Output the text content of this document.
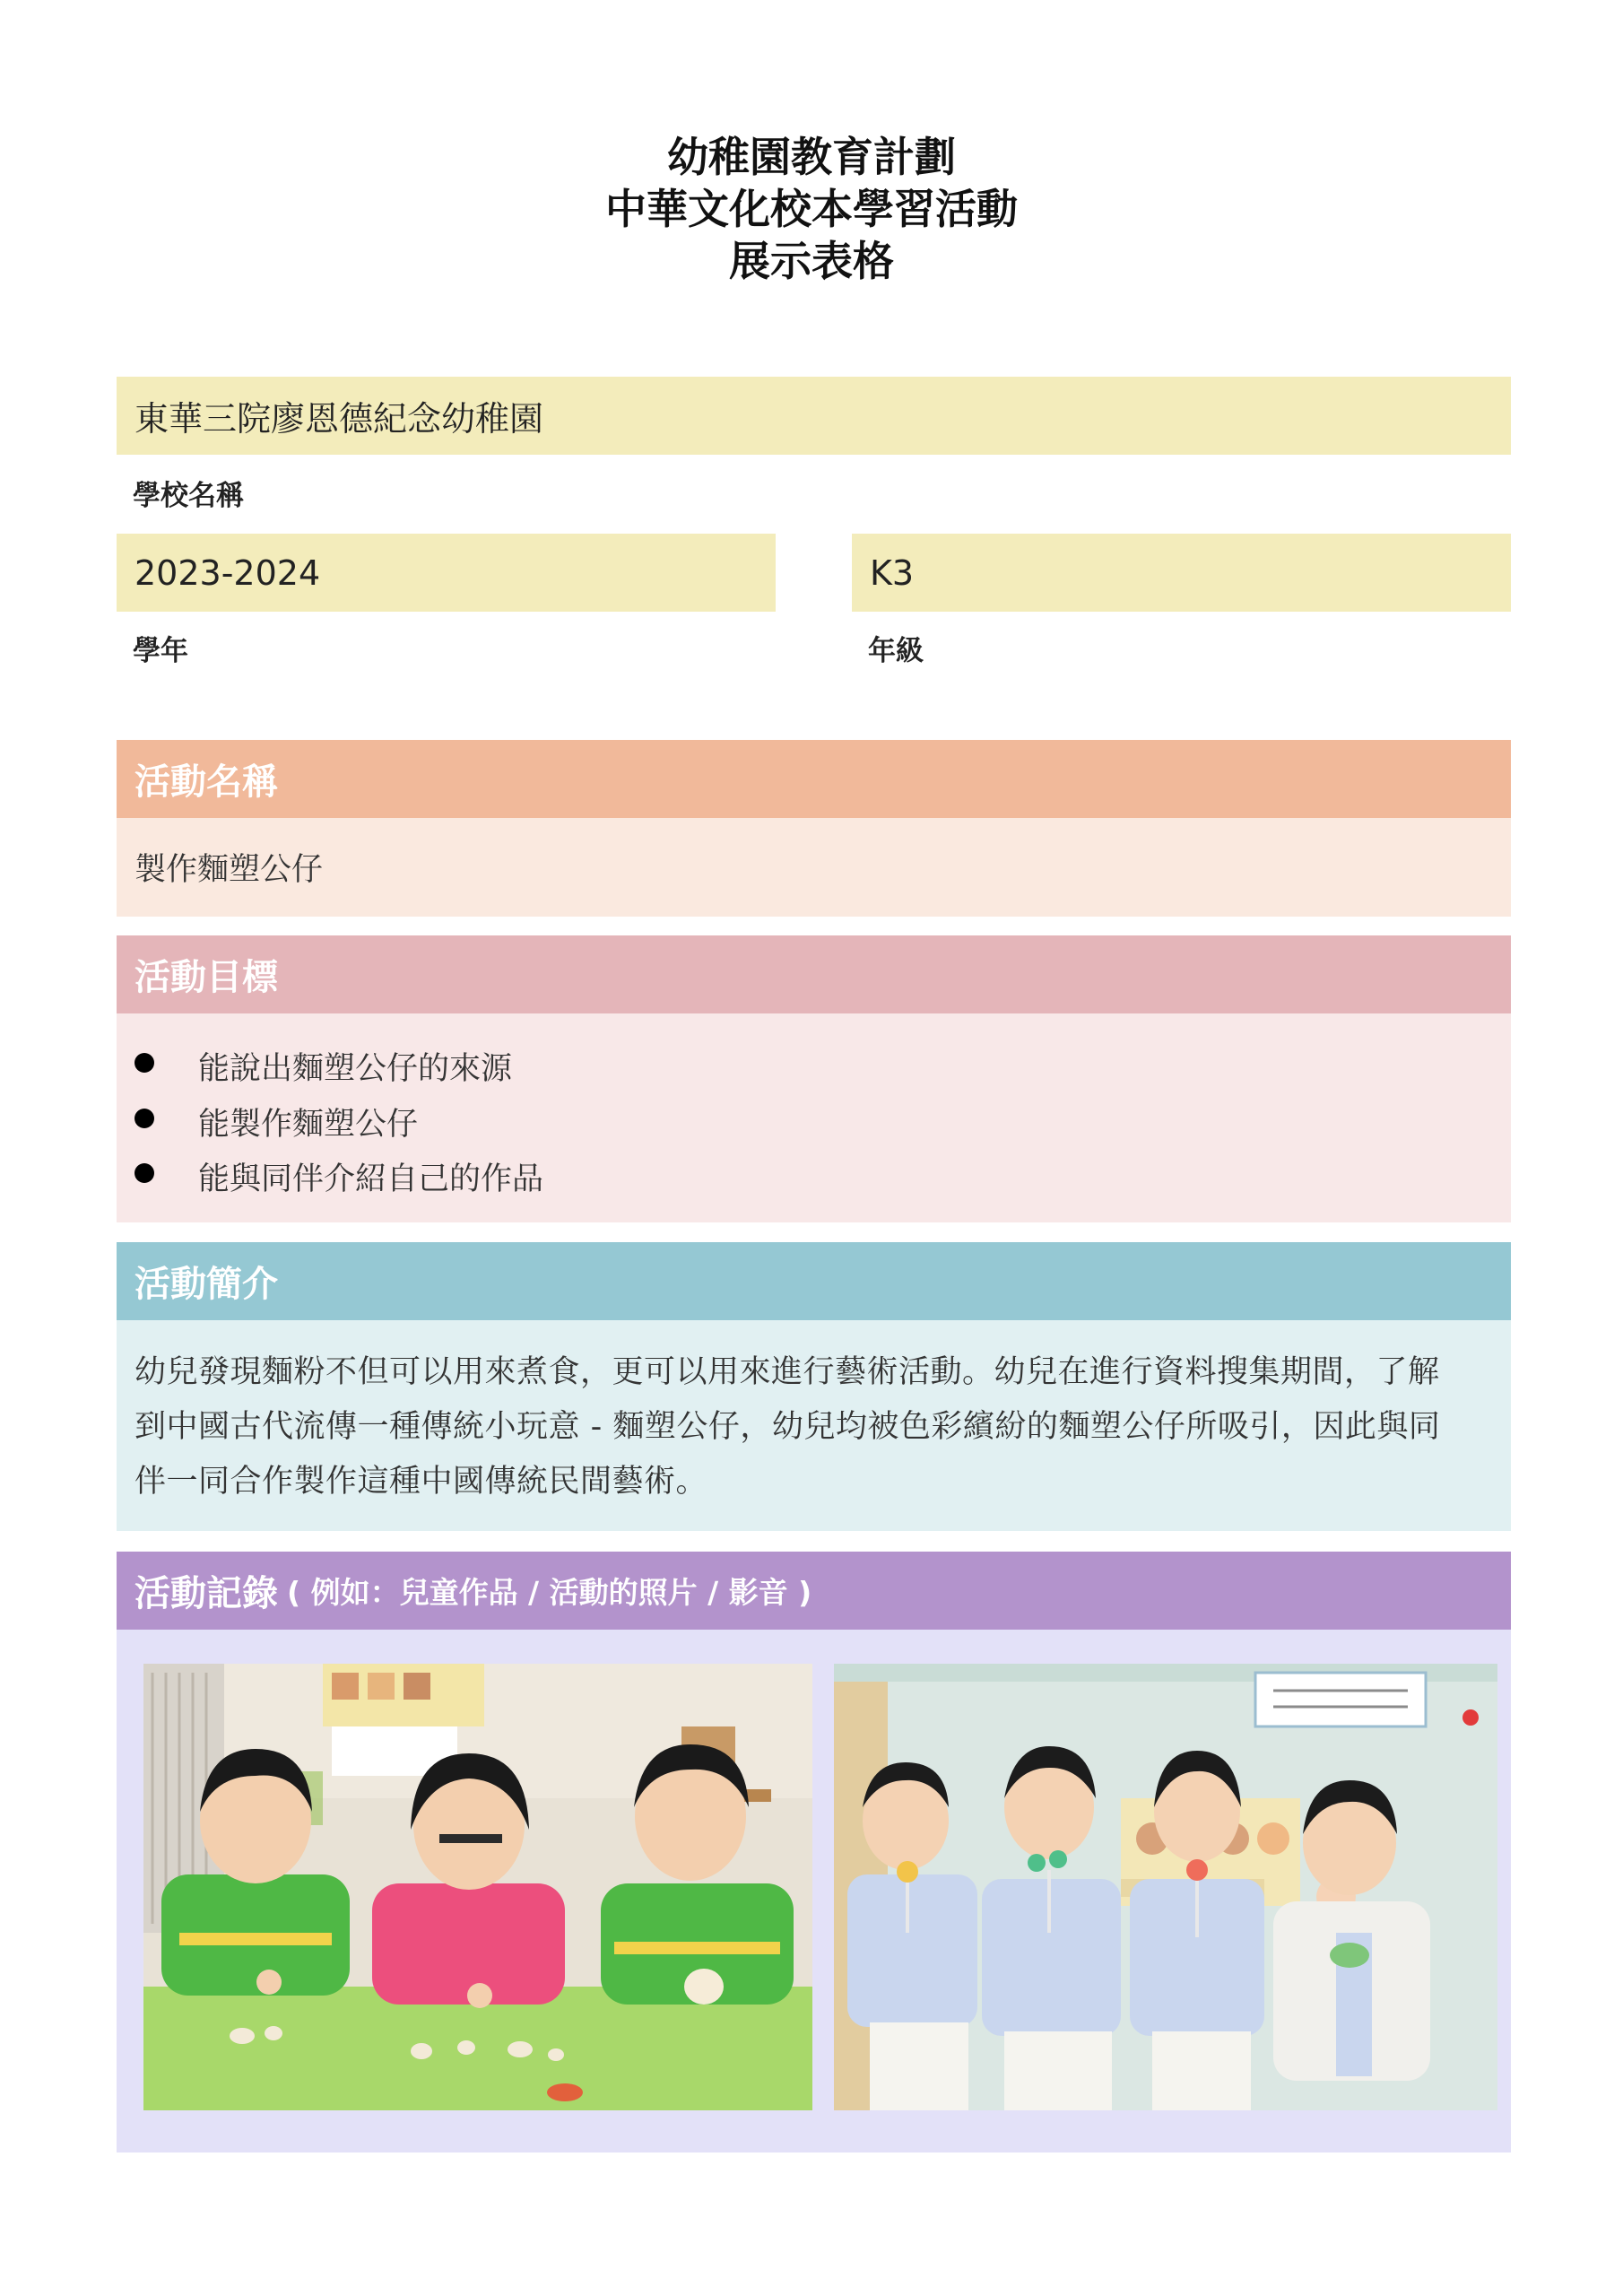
幼稚園教育計劃
中華文化校本學習活動
展示表格
東華三院廖恩德紀念幼稚園
學校名稱
2023-2024
學年
K3
年級
活動名稱
製作麵塑公仔
活動目標
能說出麵塑公仔的來源
能製作麵塑公仔
能與同伴介紹自己的作品
活動簡介
幼兒發現麵粉不但可以用來煮食，更可以用來進行藝術活動。幼兒在進行資料搜集期間，了解
到中國古代流傳一種傳統小玩意 - 麵塑公仔，幼兒均被色彩繽紛的麵塑公仔所吸引，因此與同
伴一同合作製作這種中國傳統民間藝術。
活動記錄 ( 例如：兒童作品 / 活動的照片 / 影音 )
